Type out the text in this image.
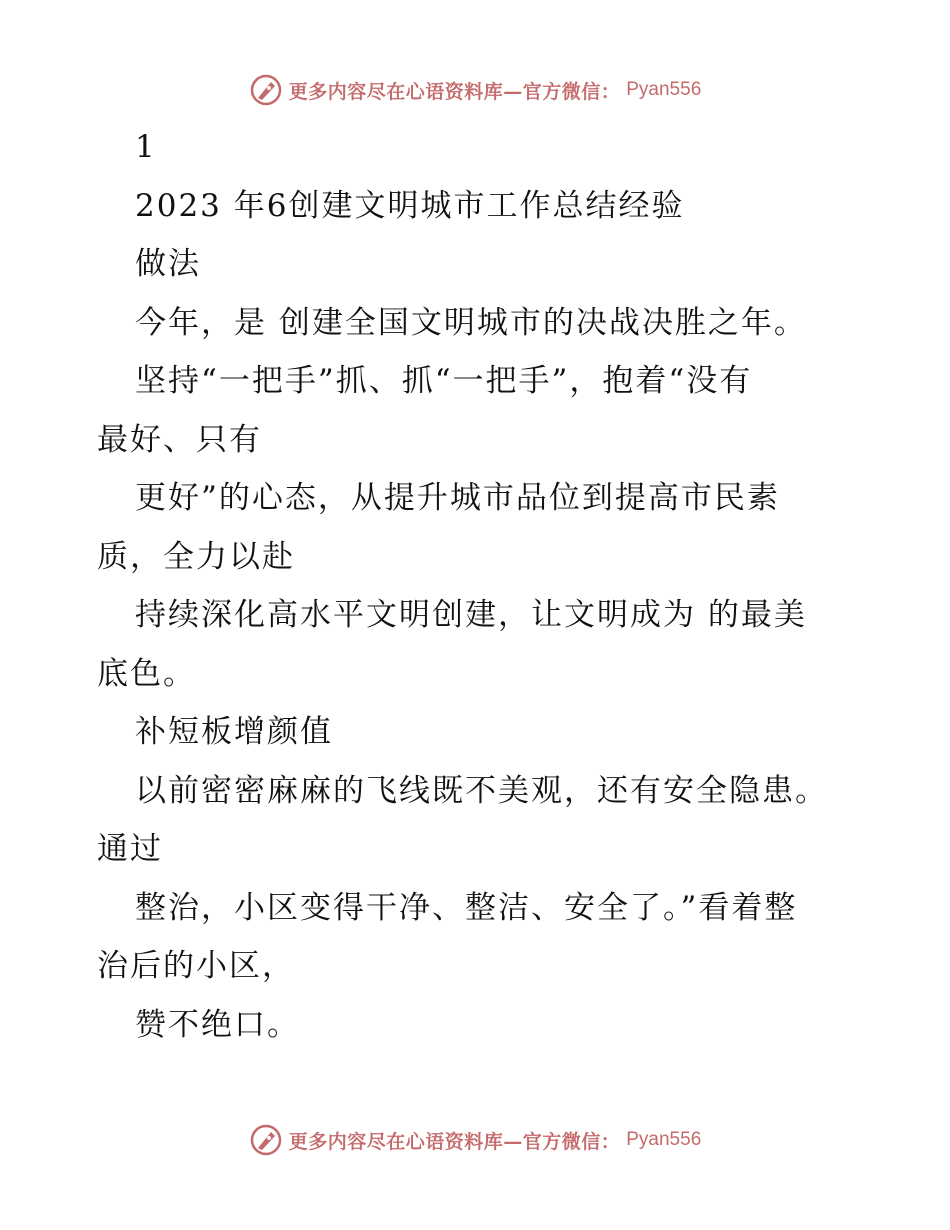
更多内容尽在心语资料库—官方微信： Pyan556
1
2023 年6创建文明城市工作总结经验
做法
今年，是 创建全国文明城市的决战决胜之年。
坚持“一把手”抓、抓“一把手”，抱着“没有
最好、只有
更好”的心态，从提升城市品位到提高市民素
质，全力以赴
持续深化高水平文明创建，让文明成为 的最美
底色。
补短板增颜值
以前密密麻麻的飞线既不美观，还有安全隐患。
通过
整治，小区变得干净、整洁、安全了。”看着整
治后的小区，
赞不绝口。
更多内容尽在心语资料库—官方微信： Pyan556
